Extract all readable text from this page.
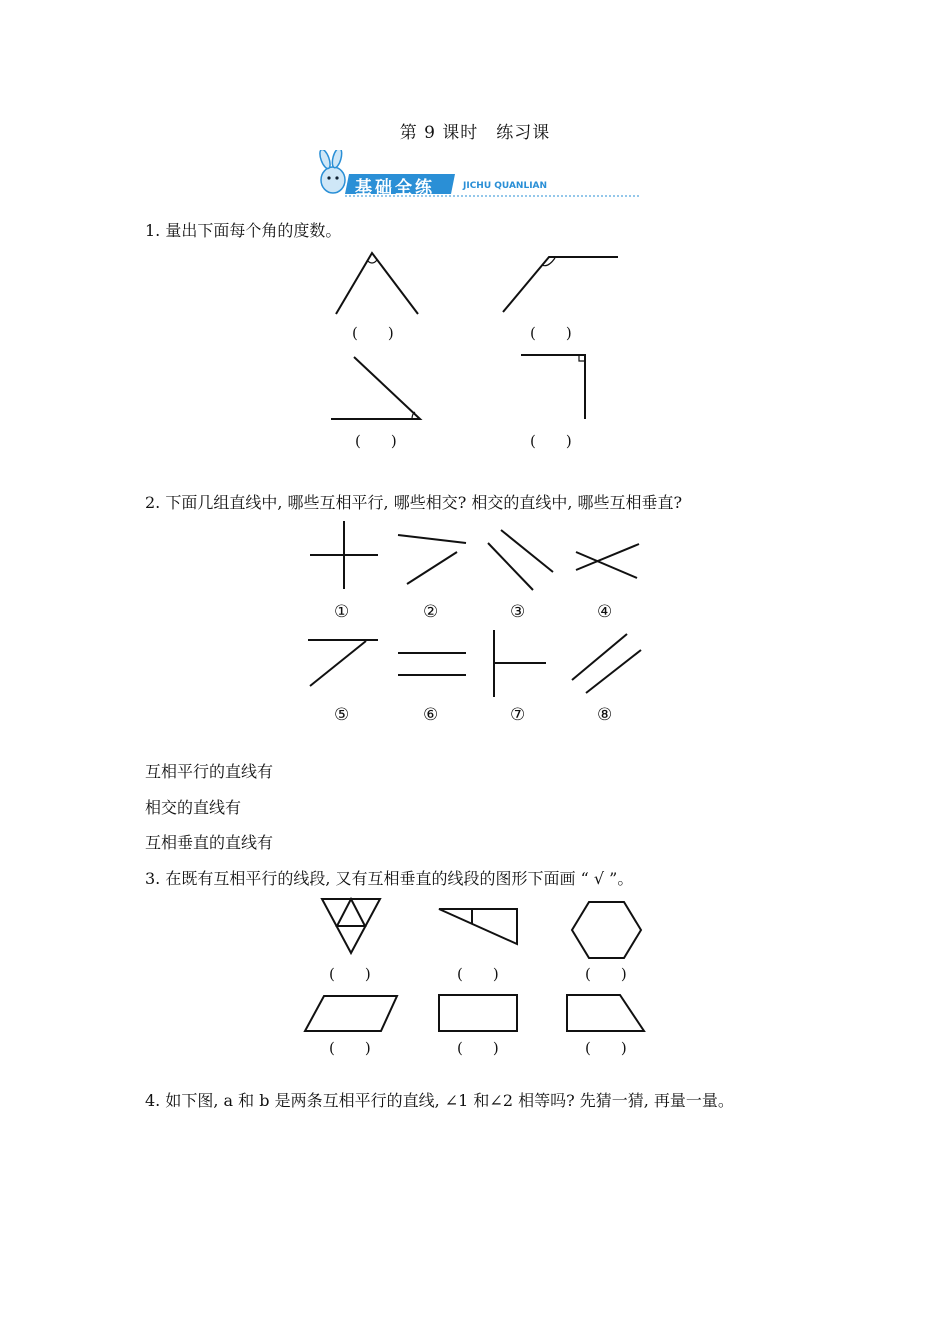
第 9 课时　练习课
基础全练	JICHU QUANLIAN
1. 量出下面每个角的度数。
(　　)	(　　)
(　　)	(　　)
2. 下面几组直线中, 哪些互相平行, 哪些相交? 相交的直线中, 哪些互相垂直?
①	②	③	④
⑤	⑥	⑦	⑧
互相平行的直线有
相交的直线有
互相垂直的直线有
3. 在既有互相平行的线段, 又有互相垂直的线段的图形下面画 “ √ ”。
(　　)	(　　)	(　　)
(　　)	(　　)	(　　)
4. 如下图, a 和 b 是两条互相平行的直线, ∠1 和∠2 相等吗? 先猜一猜, 再量一量。
